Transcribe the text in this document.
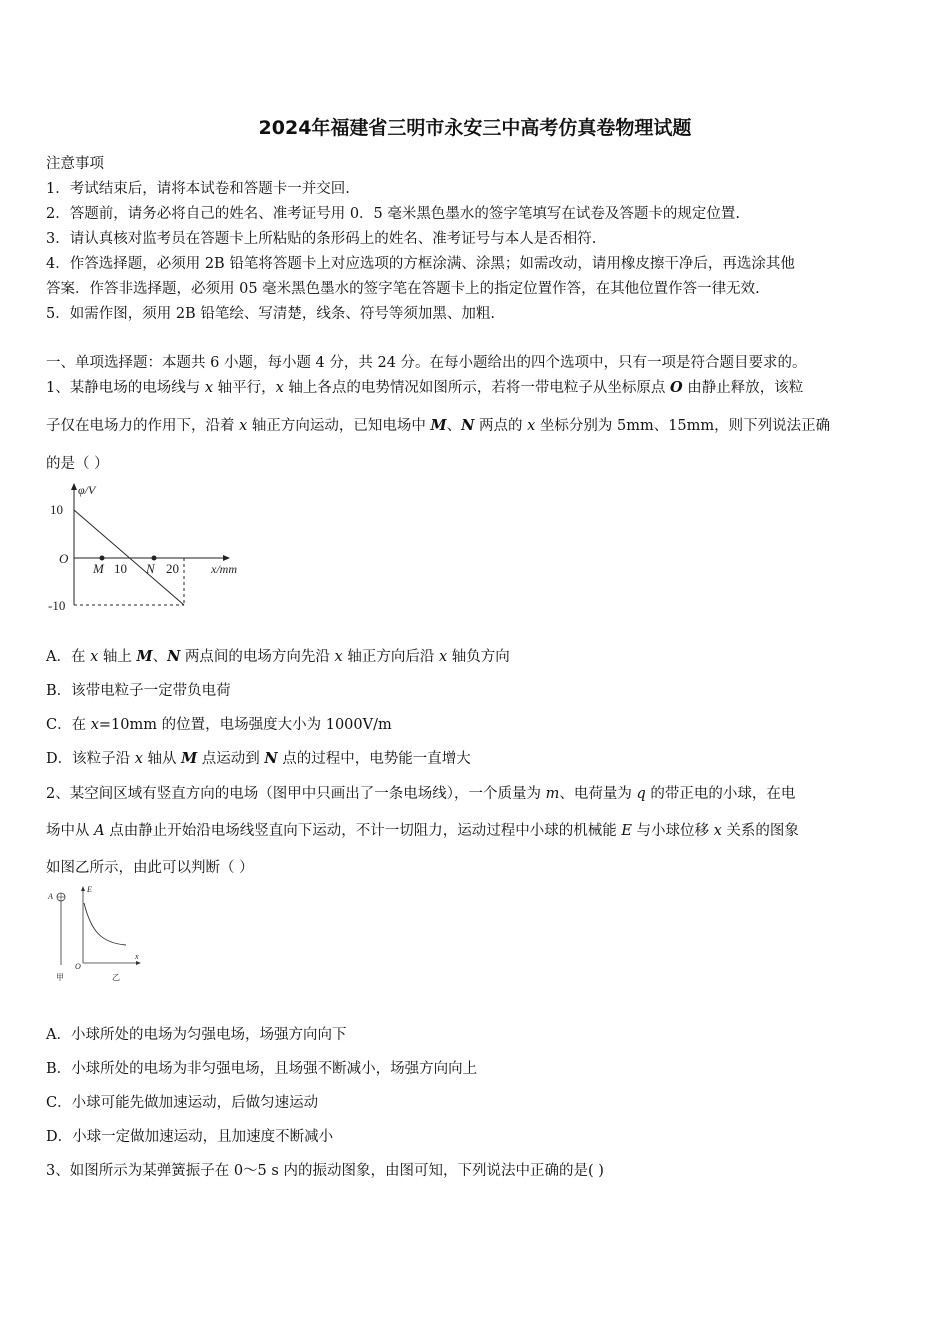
2024年福建省三明市永安三中高考仿真卷物理试题
注意事项
1．考试结束后，请将本试卷和答题卡一并交回.
2．答题前，请务必将自己的姓名、准考证号用 0．5 毫米黑色墨水的签字笔填写在试卷及答题卡的规定位置.
3．请认真核对监考员在答题卡上所粘贴的条形码上的姓名、准考证号与本人是否相符.
4．作答选择题，必须用 2B 铅笔将答题卡上对应选项的方框涂满、涂黑；如需改动，请用橡皮擦干净后，再选涂其他
答案．作答非选择题，必须用 05 毫米黑色墨水的签字笔在答题卡上的指定位置作答，在其他位置作答一律无效.
5．如需作图，须用 2B 铅笔绘、写清楚，线条、符号等须加黑、加粗.
一、单项选择题：本题共 6 小题，每小题 4 分，共 24 分。在每小题给出的四个选项中，只有一项是符合题目要求的。
1、某静电场的电场线与 x 轴平行，x 轴上各点的电势情况如图所示，若将一带电粒子从坐标原点 O 由静止释放，该粒
子仅在电场力的作用下，沿着 x 轴正方向运动，已知电场中 M、N 两点的 x 坐标分别为 5mm、15mm，则下列说法正确
的是（ ）
φ/V
10
O
-10
M 10 N 20	x/mm
A．在 x 轴上 M、N 两点间的电场方向先沿 x 轴正方向后沿 x 轴负方向
B．该带电粒子一定带负电荷
C．在 x=10mm 的位置，电场强度大小为 1000V/m
D．该粒子沿 x 轴从 M 点运动到 N 点的过程中，电势能一直增大
2、某空间区域有竖直方向的电场（图甲中只画出了一条电场线），一个质量为 m、电荷量为 q 的带正电的小球，在电
场中从 A 点由静止开始沿电场线竖直向下运动，不计一切阻力，运动过程中小球的机械能 E 与小球位移 x 关系的图象
如图乙所示，由此可以判断（ ）
A
甲
E
O
x
乙
A．小球所处的电场为匀强电场，场强方向向下
B．小球所处的电场为非匀强电场，且场强不断减小，场强方向向上
C．小球可能先做加速运动，后做匀速运动
D．小球一定做加速运动，且加速度不断减小
3、如图所示为某弹簧振子在 0～5 s 内的振动图象，由图可知，下列说法中正确的是( )
